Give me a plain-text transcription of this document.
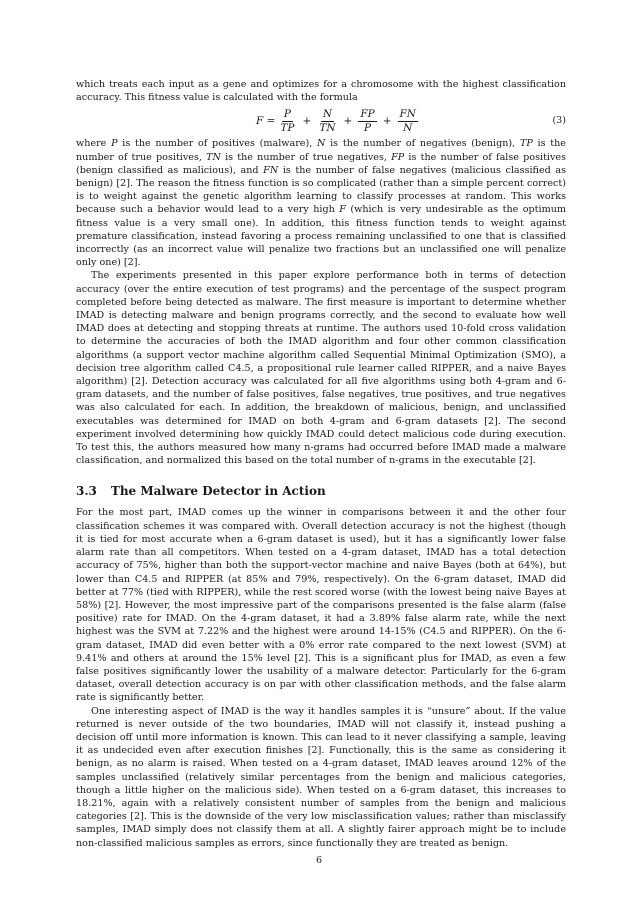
which treats each input as a gene and optimizes for a chromosome with the highest classification accuracy. This fitness value is calculated with the formula

$F = \frac{P}{TP} + \frac{N}{TN} + \frac{FP}{P} + \frac{FN}{N}$	(3)

where P is the number of positives (malware), N is the number of negatives (benign), TP is the number of true positives, TN is the number of true negatives, FP is the number of false positives (benign classified as malicious), and FN is the number of false negatives (malicious classified as benign) [2]. The reason the fitness function is so complicated (rather than a simple percent correct) is to weight against the genetic algorithm learning to classify processes at random. This works because such a behavior would lead to a very high F (which is very undesirable as the optimum fitness value is a very small one). In addition, this fitness function tends to weight against premature classification, instead favoring a process remaining unclassified to one that is classified incorrectly (as an incorrect value will penalize two fractions but an unclassified one will penalize only one) [2].

The experiments presented in this paper explore performance both in terms of detection accuracy (over the entire execution of test programs) and the percentage of the suspect program completed before being detected as malware. The first measure is important to determine whether IMAD is detecting malware and benign programs correctly, and the second to evaluate how well IMAD does at detecting and stopping threats at runtime. The authors used 10-fold cross validation to determine the accuracies of both the IMAD algorithm and four other common classification algorithms (a support vector machine algorithm called Sequential Minimal Optimization (SMO), a decision tree algorithm called C4.5, a propositional rule learner called RIPPER, and a naive Bayes algorithm) [2]. Detection accuracy was calculated for all five algorithms using both 4-gram and 6-gram datasets, and the number of false positives, false negatives, true positives, and true negatives was also calculated for each. In addition, the breakdown of malicious, benign, and unclassified executables was determined for IMAD on both 4-gram and 6-gram datasets [2]. The second experiment involved determining how quickly IMAD could detect malicious code during execution. To test this, the authors measured how many n-grams had occurred before IMAD made a malware classification, and normalized this based on the total number of n-grams in the executable [2].

3.3 The Malware Detector in Action

For the most part, IMAD comes up the winner in comparisons between it and the other four classification schemes it was compared with. Overall detection accuracy is not the highest (though it is tied for most accurate when a 6-gram dataset is used), but it has a significantly lower false alarm rate than all competitors. When tested on a 4-gram dataset, IMAD has a total detection accuracy of 75%, higher than both the support-vector machine and naive Bayes (both at 64%), but lower than C4.5 and RIPPER (at 85% and 79%, respectively). On the 6-gram dataset, IMAD did better at 77% (tied with RIPPER), while the rest scored worse (with the lowest being naive Bayes at 58%) [2]. However, the most impressive part of the comparisons presented is the false alarm (false positive) rate for IMAD. On the 4-gram dataset, it had a 3.89% false alarm rate, while the next highest was the SVM at 7.22% and the highest were around 14-15% (C4.5 and RIPPER). On the 6-gram dataset, IMAD did even better with a 0% error rate compared to the next lowest (SVM) at 9.41% and others at around the 15% level [2]. This is a significant plus for IMAD, as even a few false positives significantly lower the usability of a malware detector. Particularly for the 6-gram dataset, overall detection accuracy is on par with other classification methods, and the false alarm rate is significantly better.

One interesting aspect of IMAD is the way it handles samples it is “unsure” about. If the value returned is never outside of the two boundaries, IMAD will not classify it, instead pushing a decision off until more information is known. This can lead to it never classifying a sample, leaving it as undecided even after execution finishes [2]. Functionally, this is the same as considering it benign, as no alarm is raised. When tested on a 4-gram dataset, IMAD leaves around 12% of the samples unclassified (relatively similar percentages from the benign and malicious categories, though a little higher on the malicious side). When tested on a 6-gram dataset, this increases to 18.21%, again with a relatively consistent number of samples from the benign and malicious categories [2]. This is the downside of the very low misclassification values; rather than misclassify samples, IMAD simply does not classify them at all. A slightly fairer approach might be to include non-classified malicious samples as errors, since functionally they are treated as benign.

6
